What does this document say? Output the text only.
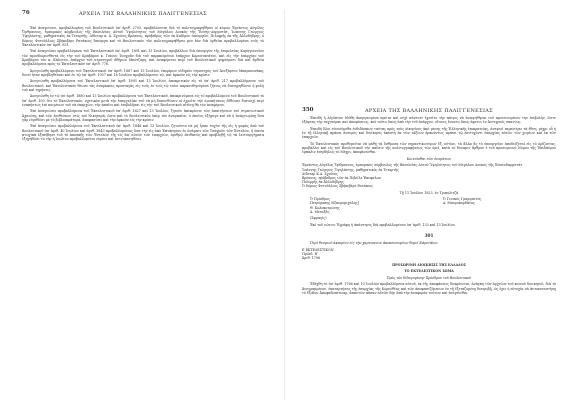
76	ΑΡΧΕΙΑ ΤΗΣ ΒΑΛΛΗΝΙΚΗΣ ΠΑΛΙΓΓΕΝΕΣΙΑΣ

Ἐπὶ ἀναγνώσει, προβαλλομένη τοῦ Βουλευτικοῦ ὑπ' ἀριθ. 2703, προβάλλονται διὰ τὸ πολιτογραφηθῆναι οἱ κύριοι Ἐρνέστος Αὐγέλος Ὄρθμαννος, ἐμπορικὸς κόμβουλος τῆς Βασιλείας Αὐτοῦ Ὑψηλότητος τοῦ Μεγάλου Δουκὸς τῆς Ἔσσης-Δαρμστάτ, Ἰωάννης Γεώργιος Ὑψηλάντης, μαθηματικὸς ἐκ Τεταρτῆς, Δίδεταρ κ. Α. Σχοῖνος Βρέσσος, πρόβεδρος τῶν ἐκ Καδίρου ὑπουργῶν, Πιλιφρῆς ἐκ τῆς Ἀλλοδήδρης, ὁ δόμιος Φυτούλλιος Σβήκεβέρε Ρατάκιος ὕπουργα καὶ τὸ Βουλευτικὸν τὸν πολιτογραφηθῆναι μὲν ἐὰν διὰ ὁρθεῖαι προβαλλομένα τοῦς τὸ Ἐκτελεστικὸν ὑπ' ἀριθ. 631.

Ἐπὶ ἀναγνώσει προβαλλόμενα τοῦ Ἐκτελεστικοῦ ὑπ' ἀριθ. 1891 καὶ 13 Ἰουλίου, προβάλλων διὰ ὑπουργὸν τῆς ἐπιμελείας Καραγιαννίου τὸν προσδιορισθέντα εἰς τὴν τοῦ Κραβάρου κ. Γιάνου Τσοχρᾶν διὰ τοῦ παρακειμένου ἐπάρχου Καρυσιανάτου, καὶ εἰς τὴν ἐπαρχίαν τοῦ Κραβάρου τὸν κ. Κάλιστα, ἐπάρχου τοῦ στρατηγοῦ ἀθήρων Μπότζαρη, καὶ ἀναφέρεται περὶ τοῦ Βουλευτικοῦ ψηφίσματι διὰ καὶ ἄρθεῖα προβαλλόμενα πρὸς τὸ Ἐκτελεστικὸν ὑπ' ἀριθ. 776.

Ἀνεγνώσθη προβαλλόμενο τοῦ Ἐκτελεστικοῦ ὑπ' ἀριθ. 1887 καὶ 13 Ἰουλίου, ἐπιφέρων οἰδηρῶν στρατηγὸς τοῦ Ἀνεξάρτου Μπαρπουνάκη, δοτεῖ ἦταν προβληθεῖσαι καὶ ἐν τῷ ὑπ' ἀριθ. 1957 καὶ 16 Ἰουλίου προβαλλόμενοι τῷ, καὶ ἀρκοῦν εἰς τὴν κρίσιν.

Ἀνεγνώσθη προβαλλόμενα τοῦ Ἐκτελεστικοῦ ὑπ' ἀριθ. 1893 καὶ 13 Ἰουλίου, ἀποκριτικὸν εἰς τὸ ὑπ' ἀριθ. 217 προβαλλόμενον τοῦ Βουλευτικοῦ, καὶ Ἐκτελεστικὸν θέωσε τὰς ἀναγκαίας προσταγὰς εἰς τοὺς ἐν τοῖς τῷ ταῖοι παρασυθησόμενα ζήτοις νὰ διατηρηθῶσιν ἡ φυλὴ τοῦ καὶ τηρήσεις.

Ἀνεγνώσθη ἐν τῷ ὑπ' ἀριθ. 1880 καὶ 13 Ἰουλίου προβαλλόμενα τοῦ Ἐκτελεστικοῦ, ἀποκρινόμενα εἰς τὸ προβαλλόμενο τοῦ Βουλευτικοῦ τὸ ὑπ' ἀριθ. 109, ὅτι τὸ Ἐκτελεστικόν, σχετικὸν μετὰ τὴν ἐπαγγελίαν τοῦ νὰ μὴ διασωθῶσιν οἱ ἐχρεῖτε τὴν Διοικήτανος ἐδθώσει διατοιχὶ περὶ ἐναπήστως ἐπὶ ποιμένων τοῦ νὰ ἐπαρχίου, τὴν ἀπαῖσι καὶ ἐπιβολῆσαι εἰς τὴν τοῦ Βουλευτικοῦ αἰτίσῃ θὰ τὸν ἀναφέρειν.

Ἐπὶ ἀναγνώσει προβαλλόμενα τοῦ Ἐκτελεστικοῦ ὑπ' ἀριθ. 1827 καὶ 13 Ἰουλίου, ζητοῦν ἀπεκρίνειν τῶν ἀπαιτήσεων τοῦ στρατιωτικοῦ Ἀχαιώτῃ, καὶ τῶν ἐπιθέσεων στις τοῦ Νικηταρᾶ, ὥστε καὶ τὸ Βουλευτικὸν ὑπὲρ τὸν ἀναγκαῖον, ὁ ὁποῖος ἐξήγαγε καὶ νὰ ἡ ἀναγνωρίσῃ ὅσα γὰρ εὑρεθῶσι μὲ τὸ βιβλιοκράτορα, ἀποφασίσει καὶ τὴν ἀρκοῦν εἰς τὴν κρίσιν.

Ἐπὶ ἀναγνώσει προβαλλόμενα τοῦ Ἐκτελεστικοῦ ὑπ' ἀριθ. 1848 καὶ 13 Ἰουλίου, ζητοῦντο νὰ μὴ ἦσαν ταχὺν τῆς εἰς ἡ φορὰς ἀπὸ τοῦ Βουλευτικοῦ ὑπ' ἀριθ. 40 Ἰουλίου καὶ ἀριθ. 1843 προβαλλομένοις ὅσα τὴν εἰς ἀπὸ Ἑπτάνησον ἐν ὀνάματι τῶν Τσαγρῶν τῶν Ἐντελῶν, ἡ ὁποία πτωχικὰ ἐξεπήδησε τοῦ τὸ ἀποσκῆς τῶν Ἐντελῶν τῆς εἰς ἀπ' αὐτῶν τῶν ἐπαρχιῶν, ἀριθμῷ ἐπιθανῶς καὶ προβληθῇ τῷ τὰ λειτουργήματα ἐξηγηθῶσι τὸ τὴν ἡ Ἰουλίου προβαλλομένοι εὑρέσι καὶ ἀντιτάσσηθῶσι.

350	ΑΡΧΕΙΑ ΤΗΣ ΒΑΛΛΗΝΙΚΗΣ ΠΑΛΙΓΓΕΝΕΣΙΑΣ

Ἐπειδὴ ἡ Αἰγύπτου ἐδόθη ἀπεργασμένα πρῶτα καὶ οὐχὶ πάντοτε ἐχνεῖτο τὴν πάτρις νὰ ἀναψηθήσαι τοῦ προτεινομένου τὴν ἐπιβολήν, ὥστε ἐξάρτας τὴν ταχυτέραν καὶ ἀποφάσεως, καὶ τοῦτο ὅπως ἀπὸ τὴν τοῦ ἐπάρχου, οἵτινες ἔσοντο ὅπως ἀφετοι ἐν Ἀντεγραῖς σπανίως.

Ἐπειδὴ ὅλοι εὐνοούμεθα ἐνδιδάσκων ταύτας πρὸς τοὺς οἰκησίους ἀπὸ μέσης τῆς Ἑλληνικῆς ἐπικρατείας, ἀνεψιοὶ περαιτέρω τὰ ἔθνη, μέχρι οὗ ἡ ἐν τῇ ἑλληνικῇ πράσει ἀνευρὸς καὶ διοίκησις ἐκάστη ἐκ τῶν τάξεων ἀρκούντως πρέπει τῷ ἐπιτυχόντι ἐπαρχίας αὐτῶν τῶν χωρίων καὶ ἐκ τῶν ἐπαρχιῶν.

Τὸ Ἐκτελεστικὸν προθυμεῖται νὰ μάθῃ τὰ ὅσθροσα τῶν σημαντικωτέρων ἔξ, οὐτίον, τὰ ἄλλα ἂς τὸ ὑπουργεῖον ἀποδείξεταί εἰς τὸ ὁρίζοντας, προβάλλει καὶ εἰς τοῦ Βουλευτικοῦ τὴν παῦσιν τῆς πολιτογραφήσεως τῶν ὀρεῖ, κατὰ τὸ δύναμιν ἄρθρον ἐ τοῦ προσωρινοῦ Νόμου τῆς Ἐπιδαύρου ἐμπαλιν ἐπηιδήλως τὸ Μέχρι, ἀποφάνεσθαι.

Κοινοῖσθαι τῶν ὀνομάτων

Ἐρνέστος Αὐγέλος Ὄρθμαννος, ἐμπορικὸς σύμβουλος τῆς Βασιλείας Αὐτοῦ Ὑψηλότητος τοῦ Μεγάλου Δουκὸς τῆς Ἐσσενδαρμστάτ

Ἰωάννης Γεώργιος Ὑψηλάντης, μαθηματικὸς ἐκ Τεταρτῆς

Δίδεταρ Κ.Α. Σχοῖνος

Βρέσσος, πρόβεδρος τῶν ἐκ Πιβεῖλε Ἐκεφαλων

Πιλιφρῆς ἐκ Ἀλλοδήδρης

Ὁ δόμιος Φυτούλλιος Σβήκεβέρε Ρατάκιος

Τῇ 11 Ἰουλίου 1823, ἐν Τριπολιτζᾷ

Ὁ Πρόεδρος
Πετρόμπεης Μ[αυρομιχάλης]
Θ. Κολοκοτρώνης
Α. Μεταξᾶς
(Σφραγίς)
Ὁ Γενικὸς Γραμματεὺς
Α. Μαυροκορδάτος

Ἐκὶ τοῦ νώτου: Ἐγράφη ἡ ἀπάντησις διὰ προβαλλομένου ὑπ' ἀριθ. 133 καὶ 13 Ἰουλίου.

301

Περὶ θεσμιοῦ ἀκαιρίου εἰς τὴν χαρτιανιων ἀποπεσσωρίων θεμεῖ Κάρυτάϊου.

Ε ΕΚΤΕΛΕΣΤΙΚΟΝ

Πρόεδ. Β'

Ἀριθ. 1796

ΠΡΟΣΩΡΙΝΗ ΔΙΟΙΚΗΣΙΣ ΤΗΣ ΕΛΛΑΔΟΣ

ΤΟ ΕΚΤΕΛΕΣΤΙΚΟΝ ΣΩΜΑ

Πρὸς τὸν διδαγομένην Πρόεδρον τοῦ Βουλευτικοῦ

Ἐδέχθη τὸ ὑπ' ἀριθ. 1766 καὶ 10 Ἰουλίου προβαλλόμενα αὐτοῦ, ἐκ τῆς ἀποφάσεως διεκρίνεται, ἀνάγκη τῶν ἀρχείων τοῦ κοινοῦ διοικητοῦ, διὰ τὸ Ἀνεγραμμένον, ἐκαταρτήσας τῆς ἐπαρχίας τῆς Κορυνθίας καὶ τῶν ἀποφασιζόμενων ἐν τῇ ἐξεταζομένῃ διατριβῇ, ὡς ἔχει ἡ εὐτυχία νὰ ἀντικαταστήσῃ τὸ ἔξοδον Ἀποφαδοπετειαρ, ἀπαντῶν πάσαν αὐτῶν δὴν ἀπὸ τὴν ἀναφορὰν τούτων καὶ ἀνεγεῖσθαι.
